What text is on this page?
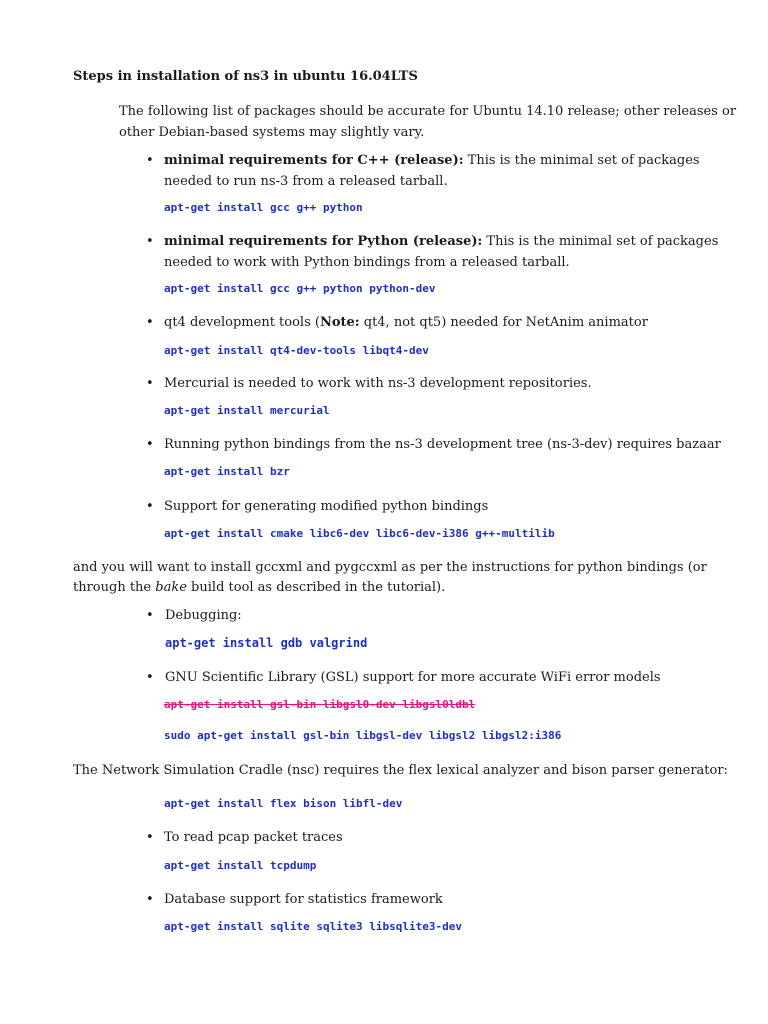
Steps in installation of ns3 in ubuntu 16.04LTS
The following list of packages should be accurate for Ubuntu 14.10 release; other releases or
other Debian-based systems may slightly vary.
• minimal requirements for C++ (release): This is the minimal set of packages
needed to run ns-3 from a released tarball.
apt-get install gcc g++ python
• minimal requirements for Python (release): This is the minimal set of packages
needed to work with Python bindings from a released tarball.
apt-get install gcc g++ python python-dev
• qt4 development tools (Note: qt4, not qt5) needed for NetAnim animator
apt-get install qt4-dev-tools libqt4-dev
• Mercurial is needed to work with ns-3 development repositories.
apt-get install mercurial
• Running python bindings from the ns-3 development tree (ns-3-dev) requires bazaar
apt-get install bzr
• Support for generating modified python bindings
apt-get install cmake libc6-dev libc6-dev-i386 g++-multilib
and you will want to install gccxml and pygccxml as per the instructions for python bindings (or
through the bake build tool as described in the tutorial).
• Debugging:
apt-get install gdb valgrind
• GNU Scientific Library (GSL) support for more accurate WiFi error models
apt-get install gsl-bin libgsl0-dev libgsl0ldbl
sudo apt-get install gsl-bin libgsl-dev libgsl2 libgsl2:i386
The Network Simulation Cradle (nsc) requires the flex lexical analyzer and bison parser generator:
apt-get install flex bison libfl-dev
• To read pcap packet traces
apt-get install tcpdump
• Database support for statistics framework
apt-get install sqlite sqlite3 libsqlite3-dev
